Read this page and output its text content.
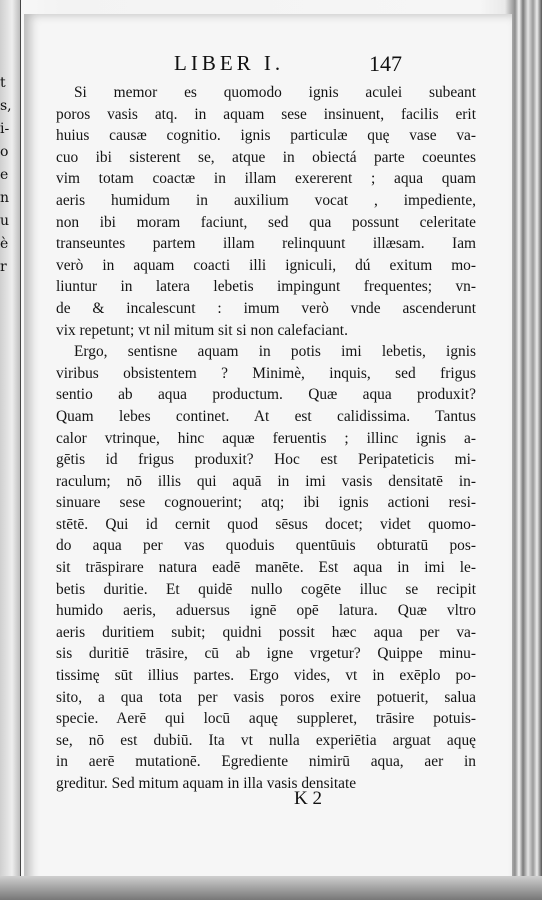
t
s,
i-
o
e
n
u
è
r
LIBER I.	147
Si memor es quomodo ignis aculei subeant
poros vasis atq. in aquam sese insinuent, facilis erit
huius causæ cognitio. ignis particulæ quę vase va-
cuo ibi sisterent se, atque in obiectá parte coeuntes
vim totam coactæ in illam exererent ; aqua quam
aeris humidum in auxilium vocat , impediente,
non ibi moram faciunt, sed qua possunt celeritate
transeuntes partem illam relinquunt illæsam. Iam
verò in aquam coacti illi igniculi, dú exitum mo-
liuntur in latera lebetis impingunt frequentes; vn-
de & incalescunt : imum verò vnde ascenderunt
vix repetunt; vt nil mitum sit si non calefaciant.
Ergo, sentisne aquam in potis imi lebetis, ignis
viribus obsistentem ? Minimè, inquis, sed frigus
sentio ab aqua productum. Quæ aqua produxit?
Quam lebes continet. At est calidissima. Tantus
calor vtrinque, hinc aquæ feruentis ; illinc ignis a-
gētis id frigus produxit? Hoc est Peripateticis mi-
raculum; nō illis qui aquā in imi vasis densitatē in-
sinuare sese cognouerint; atq; ibi ignis actioni resi-
stētē. Qui id cernit quod sēsus docet; videt quomo-
do aqua per vas quoduis quentūuis obturatū pos-
sit trāspirare natura eadē manēte. Est aqua in imi le-
betis duritie. Et quidē nullo cogēte illuc se recipit
humido aeris, aduersus ignē opē latura. Quæ vltro
aeris duritiem subit; quidni possit hæc aqua per va-
sis duritiē trāsire, cū ab igne vrgetur? Quippe minu-
tissimę sūt illius partes. Ergo vides, vt in exēplo po-
sito, a qua tota per vasis poros exire potuerit, salua
specie. Aerē qui locū aquę suppleret, trāsire potuis-
se, nō est dubiū. Ita vt nulla experiētia arguat aquę
in aerē mutationē. Egrediente nimirū aqua, aer in
greditur. Sed mitum aquam in illa vasis densitate
K 2
